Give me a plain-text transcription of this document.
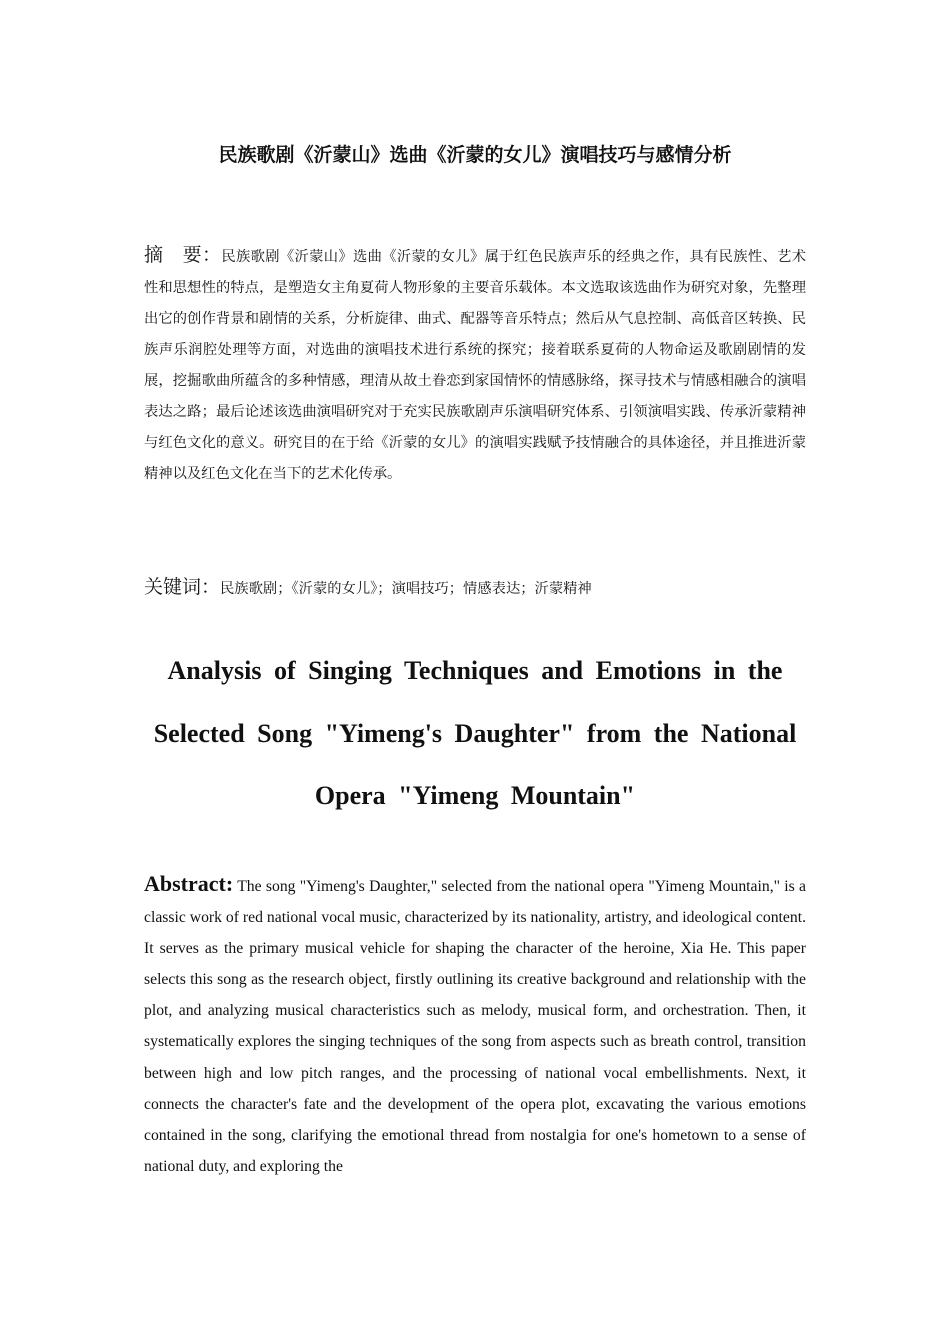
民族歌剧《沂蒙山》选曲《沂蒙的女儿》演唱技巧与感情分析

摘　要：民族歌剧《沂蒙山》选曲《沂蒙的女儿》属于红色民族声乐的经典之作，具有民族性、艺术性和思想性的特点，是塑造女主角夏荷人物形象的主要音乐载体。本文选取该选曲作为研究对象，先整理出它的创作背景和剧情的关系，分析旋律、曲式、配器等音乐特点；然后从气息控制、高低音区转换、民族声乐润腔处理等方面，对选曲的演唱技术进行系统的探究；接着联系夏荷的人物命运及歌剧剧情的发展，挖掘歌曲所蕴含的多种情感，理清从故土眷恋到家国情怀的情感脉络，探寻技术与情感相融合的演唱表达之路；最后论述该选曲演唱研究对于充实民族歌剧声乐演唱研究体系、引领演唱实践、传承沂蒙精神与红色文化的意义。研究目的在于给《沂蒙的女儿》的演唱实践赋予技情融合的具体途径，并且推进沂蒙精神以及红色文化在当下的艺术化传承。

关键词：民族歌剧；《沂蒙的女儿》；演唱技巧；情感表达；沂蒙精神

Analysis of Singing Techniques and Emotions in the Selected Song "Yimeng's Daughter" from the National Opera "Yimeng Mountain"

Abstract: The song "Yimeng's Daughter," selected from the national opera "Yimeng Mountain," is a classic work of red national vocal music, characterized by its nationality, artistry, and ideological content. It serves as the primary musical vehicle for shaping the character of the heroine, Xia He. This paper selects this song as the research object, firstly outlining its creative background and relationship with the plot, and analyzing musical characteristics such as melody, musical form, and orchestration. Then, it systematically explores the singing techniques of the song from aspects such as breath control, transition between high and low pitch ranges, and the processing of national vocal embellishments. Next, it connects the character's fate and the development of the opera plot, excavating the various emotions contained in the song, clarifying the emotional thread from nostalgia for one's hometown to a sense of national duty, and exploring the
